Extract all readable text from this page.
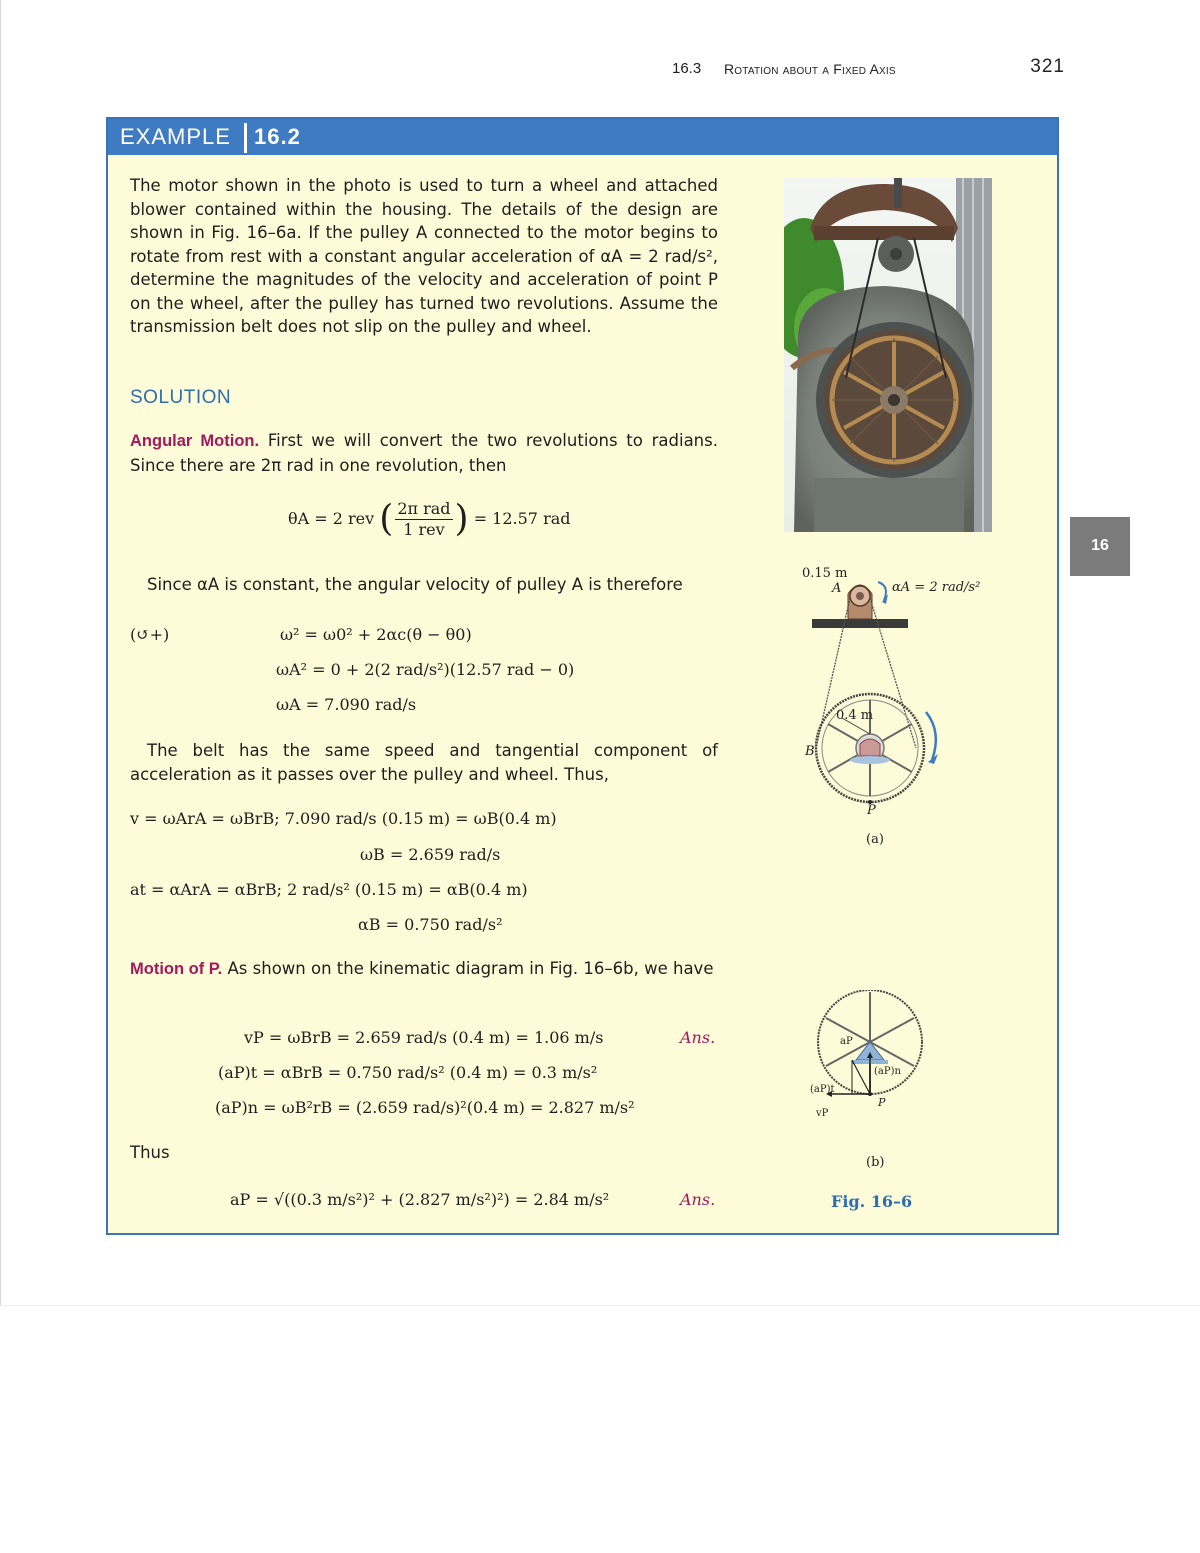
16.3 Rotation about a Fixed Axis	321
16
EXAMPLE 16.2
The motor shown in the photo is used to turn a wheel and attached blower contained within the housing. The details of the design are shown in Fig. 16–6a. If the pulley A connected to the motor begins to rotate from rest with a constant angular acceleration of αA = 2 rad/s², determine the magnitudes of the velocity and acceleration of point P on the wheel, after the pulley has turned two revolutions. Assume the transmission belt does not slip on the pulley and wheel.
SOLUTION
Angular Motion. First we will convert the two revolutions to radians. Since there are 2π rad in one revolution, then
θA = 2 rev ( $\frac{\text{2π rad}}{\text{1 rev}}$ ) = 12.57 rad
Since αA is constant, the angular velocity of pulley A is therefore
(↺+)	ω² = ω0² + 2αc(θ − θ0)
ωA² = 0 + 2(2 rad/s²)(12.57 rad − 0)
ωA = 7.090 rad/s
The belt has the same speed and tangential component of acceleration as it passes over the pulley and wheel. Thus,
v = ωArA = ωBrB; 7.090 rad/s (0.15 m) = ωB(0.4 m)
ωB = 2.659 rad/s
at = αArA = αBrB; 2 rad/s² (0.15 m) = αB(0.4 m)
αB = 0.750 rad/s²
Motion of P. As shown on the kinematic diagram in Fig. 16–6b, we have
vP = ωBrB = 2.659 rad/s (0.4 m) = 1.06 m/s	Ans.
(aP)t = αBrB = 0.750 rad/s² (0.4 m) = 0.3 m/s²
(aP)n = ωB²rB = (2.659 rad/s)²(0.4 m) = 2.827 m/s²
Thus
aP = √((0.3 m/s²)² + (2.827 m/s²)²) = 2.84 m/s²	Ans.
0.15 m
A	αA = 2 rad/s²
0.4 m
B
P
(a)
aP
(aP)n
(aP)t
vP
P
(b)
Fig. 16–6
